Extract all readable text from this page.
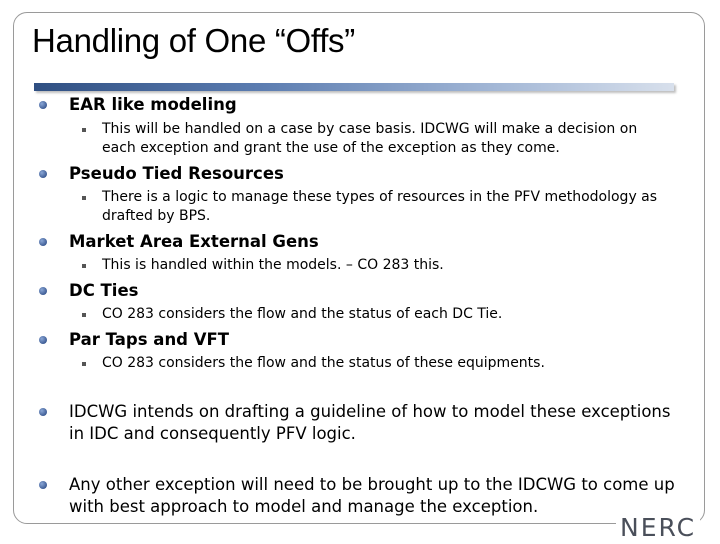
Handling of One “Offs”
EAR like modeling
This will be handled on a case by case basis. IDCWG will make a decision on each exception and grant the use of the exception as they come.
Pseudo Tied Resources
There is a logic to manage these types of resources in the PFV methodology as drafted by BPS.
Market Area External Gens
This is handled within the models. – CO 283 this.
DC Ties
CO 283 considers the flow and the status of each DC Tie.
Par Taps and VFT
CO 283 considers the flow and the status of these equipments.
IDCWG intends on drafting a guideline of how to model these exceptions in IDC and consequently PFV logic.
Any other exception will need to be brought up to the IDCWG to come up with best approach to model and manage the exception.
NERC
